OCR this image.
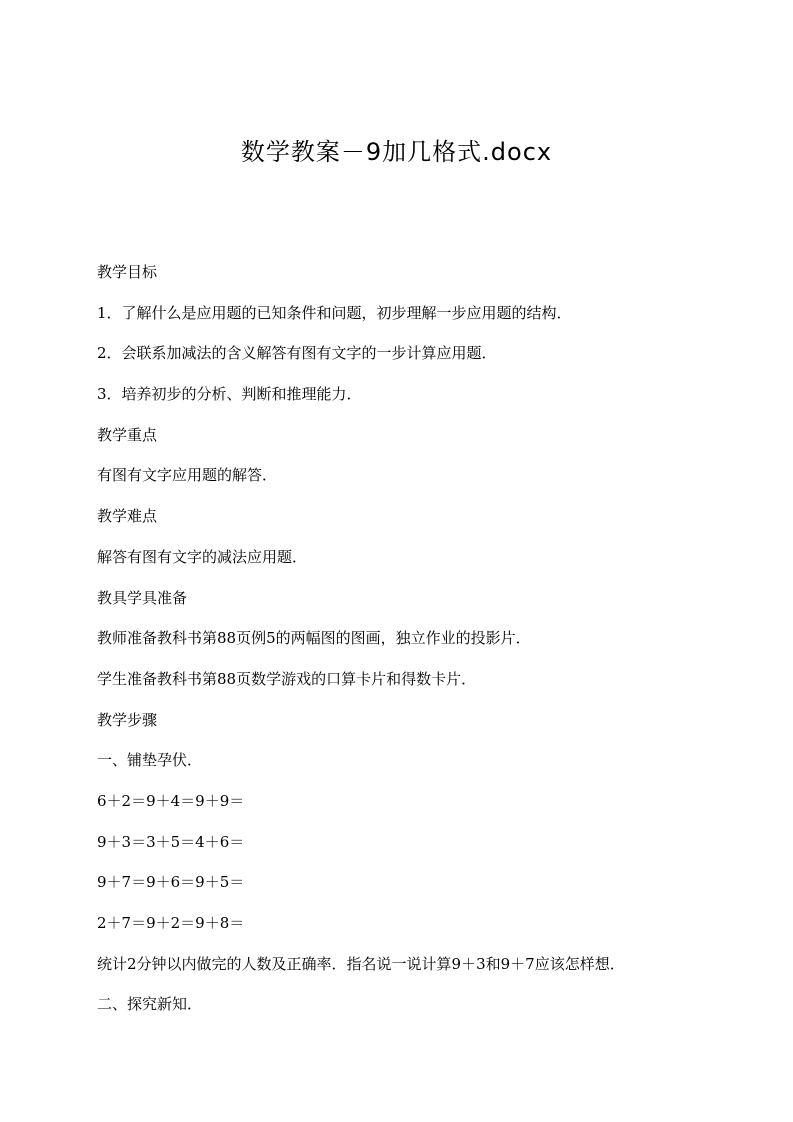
数学教案－9加几格式.docx
教学目标
1．了解什么是应用题的已知条件和问题，初步理解一步应用题的结构．
2．会联系加减法的含义解答有图有文字的一步计算应用题．
3．培养初步的分析、判断和推理能力．
教学重点
有图有文字应用题的解答．
教学难点
解答有图有文字的减法应用题．
教具学具准备
教师准备教科书第88页例5的两幅图的图画，独立作业的投影片．
学生准备教科书第88页数学游戏的口算卡片和得数卡片．
教学步骤
一、铺垫孕伏．
6＋2＝9＋4＝9＋9＝
9＋3＝3＋5＝4＋6＝
9＋7＝9＋6＝9＋5＝
2＋7＝9＋2＝9＋8＝
统计2分钟以内做完的人数及正确率．指名说一说计算9＋3和9＋7应该怎样想．
二、探究新知．
